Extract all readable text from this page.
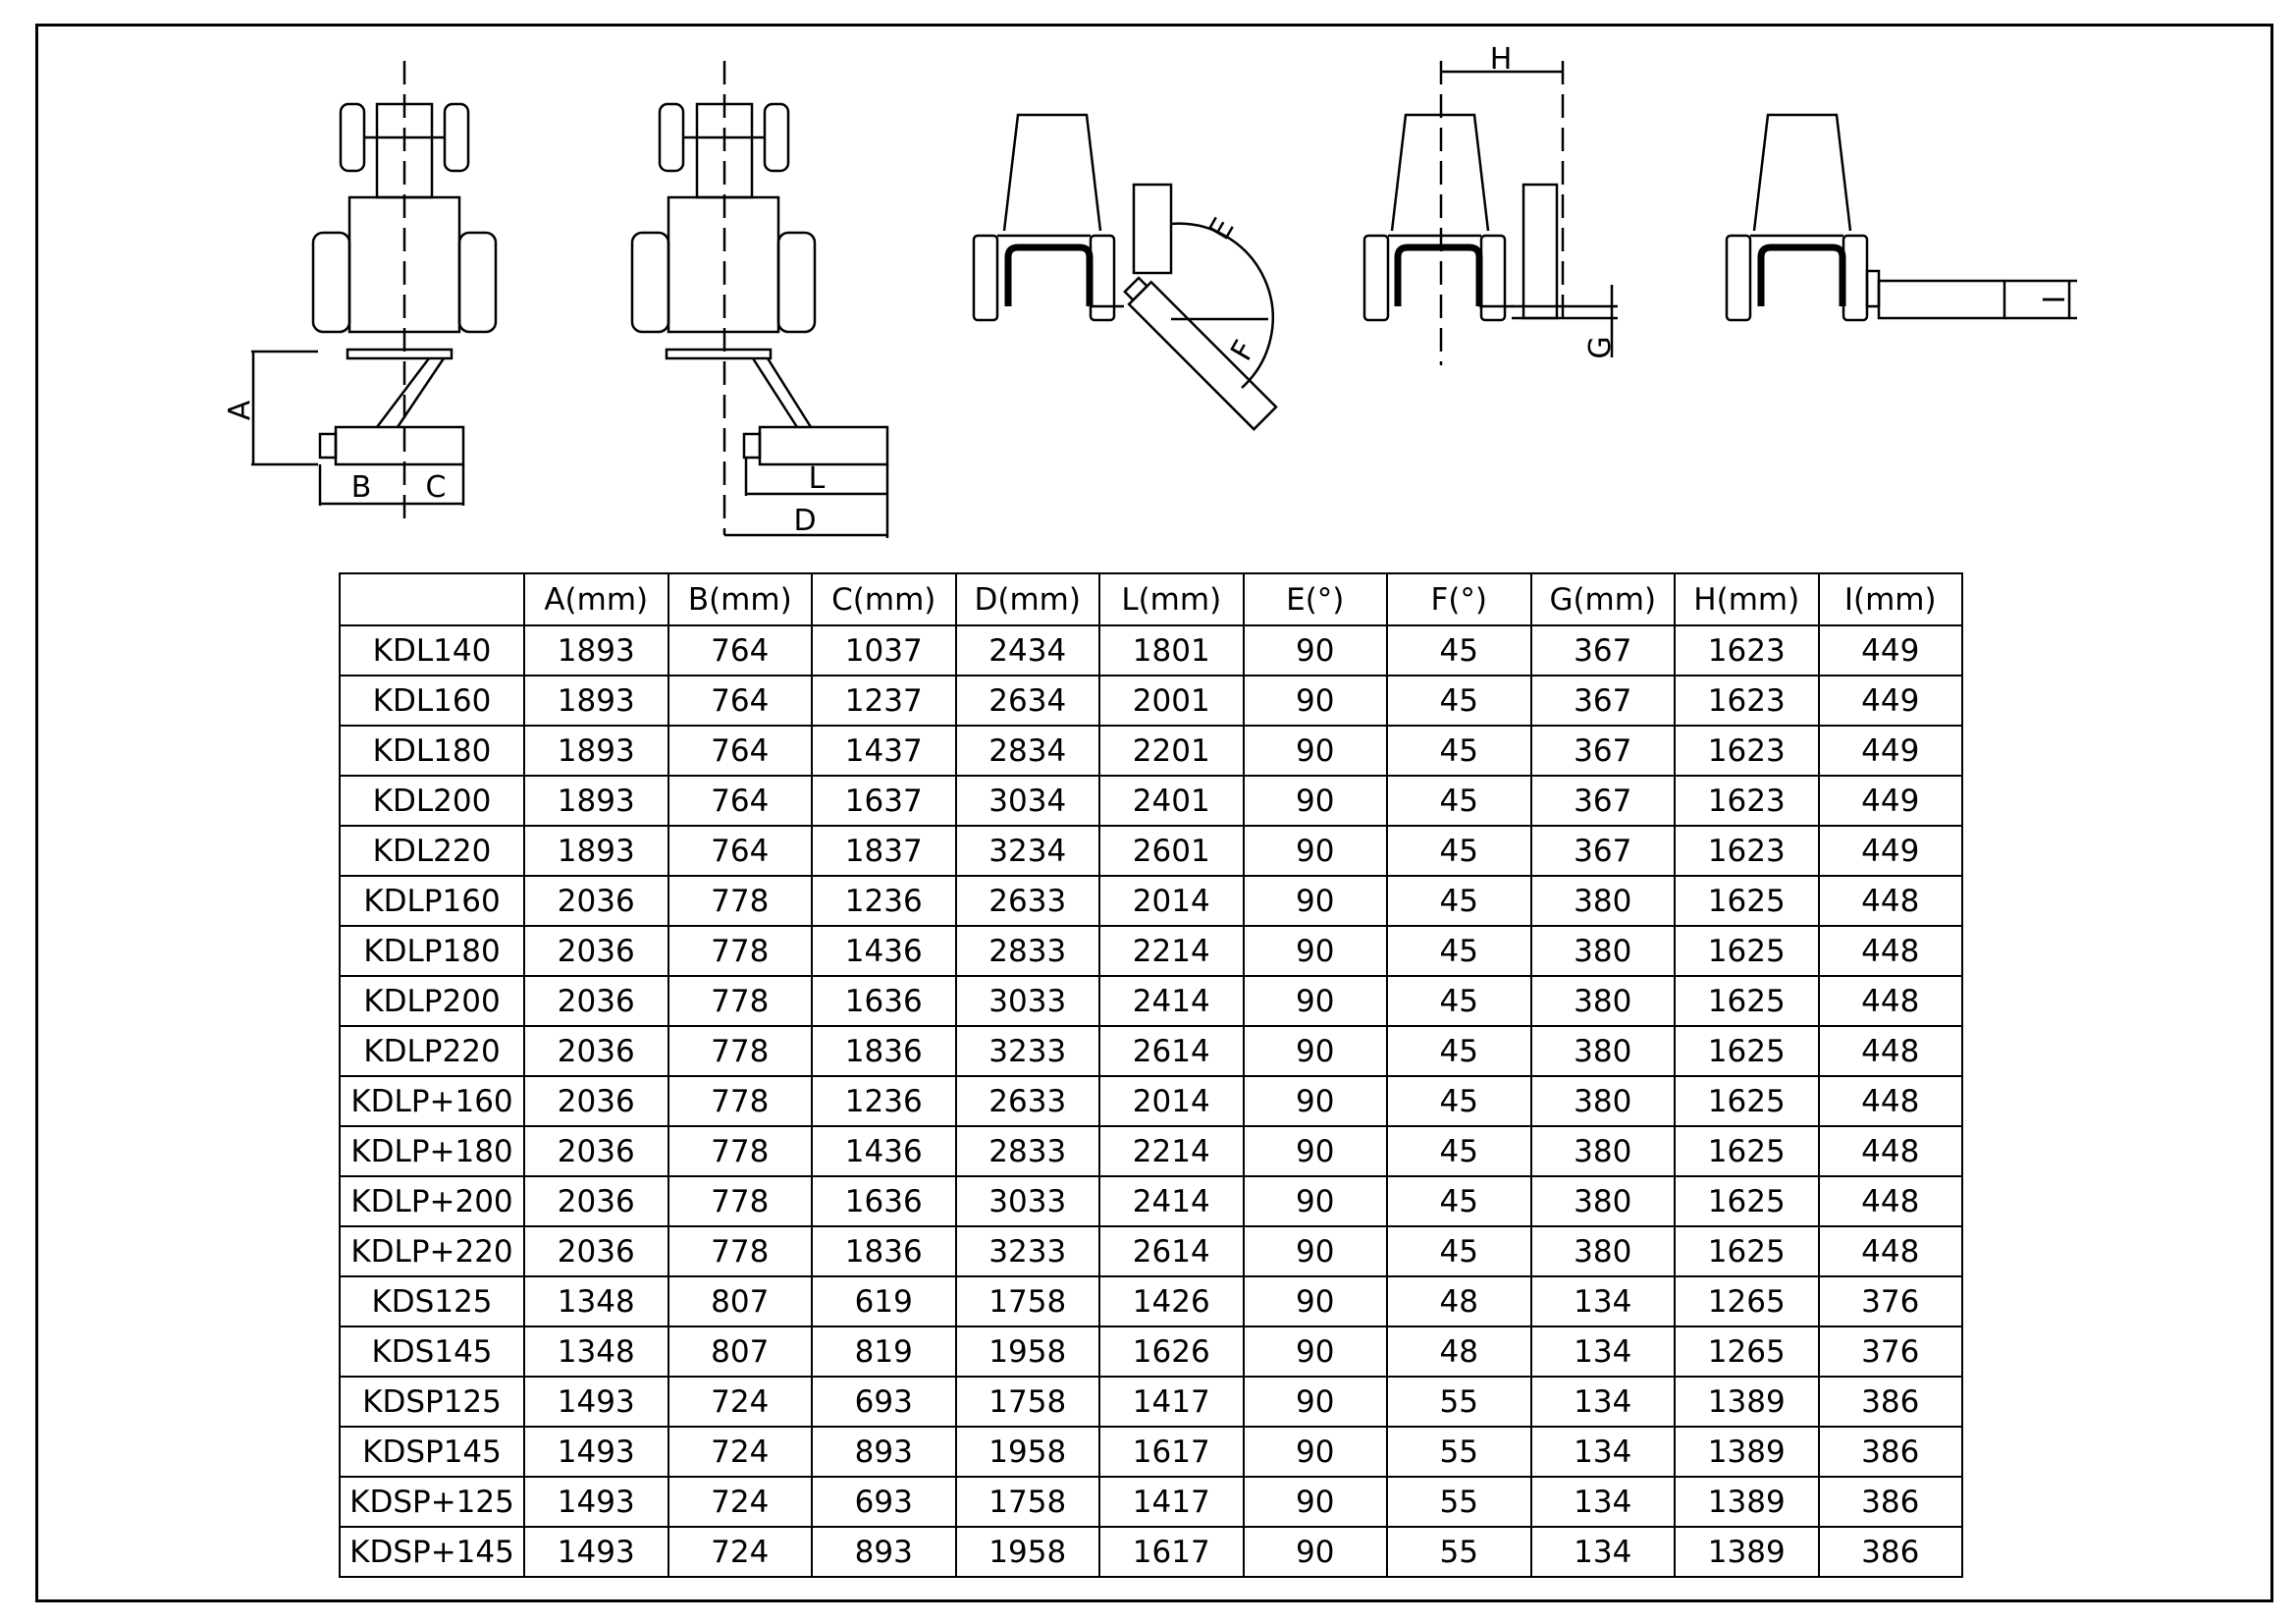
A
B C	L
D
E
F
H
G
I
	A(mm)	B(mm)	C(mm)	D(mm)	L(mm)	E(°)	F(°)	G(mm)	H(mm)	I(mm)
KDL140	1893	764	1037	2434	1801	90	45	367	1623	449
KDL160	1893	764	1237	2634	2001	90	45	367	1623	449
KDL180	1893	764	1437	2834	2201	90	45	367	1623	449
KDL200	1893	764	1637	3034	2401	90	45	367	1623	449
KDL220	1893	764	1837	3234	2601	90	45	367	1623	449
KDLP160	2036	778	1236	2633	2014	90	45	380	1625	448
KDLP180	2036	778	1436	2833	2214	90	45	380	1625	448
KDLP200	2036	778	1636	3033	2414	90	45	380	1625	448
KDLP220	2036	778	1836	3233	2614	90	45	380	1625	448
KDLP+160	2036	778	1236	2633	2014	90	45	380	1625	448
KDLP+180	2036	778	1436	2833	2214	90	45	380	1625	448
KDLP+200	2036	778	1636	3033	2414	90	45	380	1625	448
KDLP+220	2036	778	1836	3233	2614	90	45	380	1625	448
KDS125	1348	807	619	1758	1426	90	48	134	1265	376
KDS145	1348	807	819	1958	1626	90	48	134	1265	376
KDSP125	1493	724	693	1758	1417	90	55	134	1389	386
KDSP145	1493	724	893	1958	1617	90	55	134	1389	386
KDSP+125	1493	724	693	1758	1417	90	55	134	1389	386
KDSP+145	1493	724	893	1958	1617	90	55	134	1389	386
